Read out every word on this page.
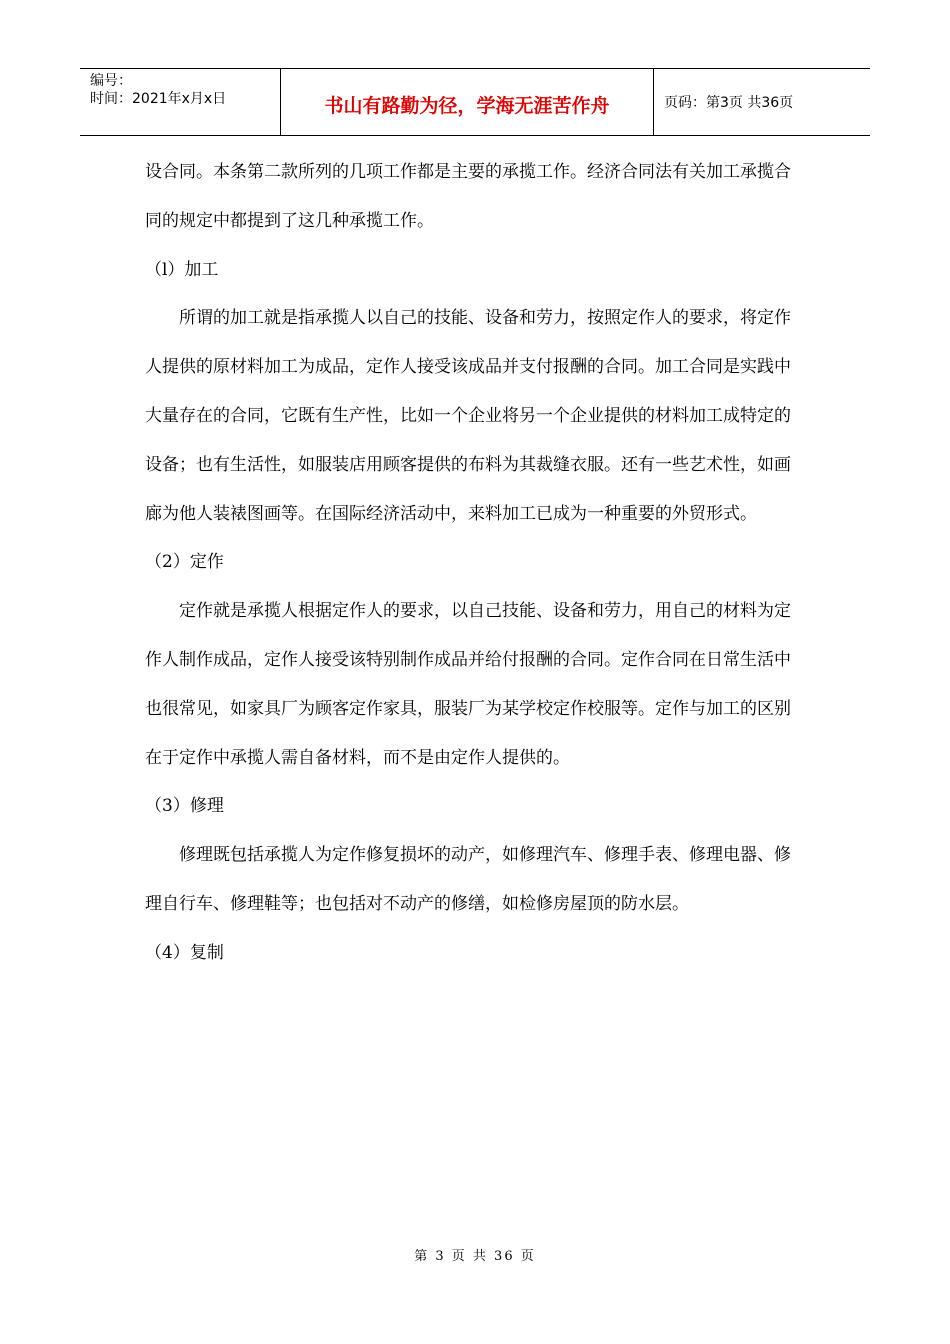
编号：
时间：2021年x月x日	书山有路勤为径，学海无涯苦作舟	页码：第3页 共36页

设合同。本条第二款所列的几项工作都是主要的承揽工作。经济合同法有关加工承揽合同的规定中都提到了这几种承揽工作。

（l）加工

所谓的加工就是指承揽人以自己的技能、设备和劳力，按照定作人的要求，将定作人提供的原材料加工为成品，定作人接受该成品并支付报酬的合同。加工合同是实践中大量存在的合同，它既有生产性，比如一个企业将另一个企业提供的材料加工成特定的设备；也有生活性，如服装店用顾客提供的布料为其裁缝衣服。还有一些艺术性，如画廊为他人装裱图画等。在国际经济活动中，来料加工已成为一种重要的外贸形式。

（2）定作

定作就是承揽人根据定作人的要求，以自己技能、设备和劳力，用自己的材料为定作人制作成品，定作人接受该特别制作成品并给付报酬的合同。定作合同在日常生活中也很常见，如家具厂为顾客定作家具，服装厂为某学校定作校服等。定作与加工的区别在于定作中承揽人需自备材料，而不是由定作人提供的。

（3）修理

修理既包括承揽人为定作修复损坏的动产，如修理汽车、修理手表、修理电器、修理自行车、修理鞋等；也包括对不动产的修缮，如检修房屋顶的防水层。

（4）复制

第 3 页 共 36 页
